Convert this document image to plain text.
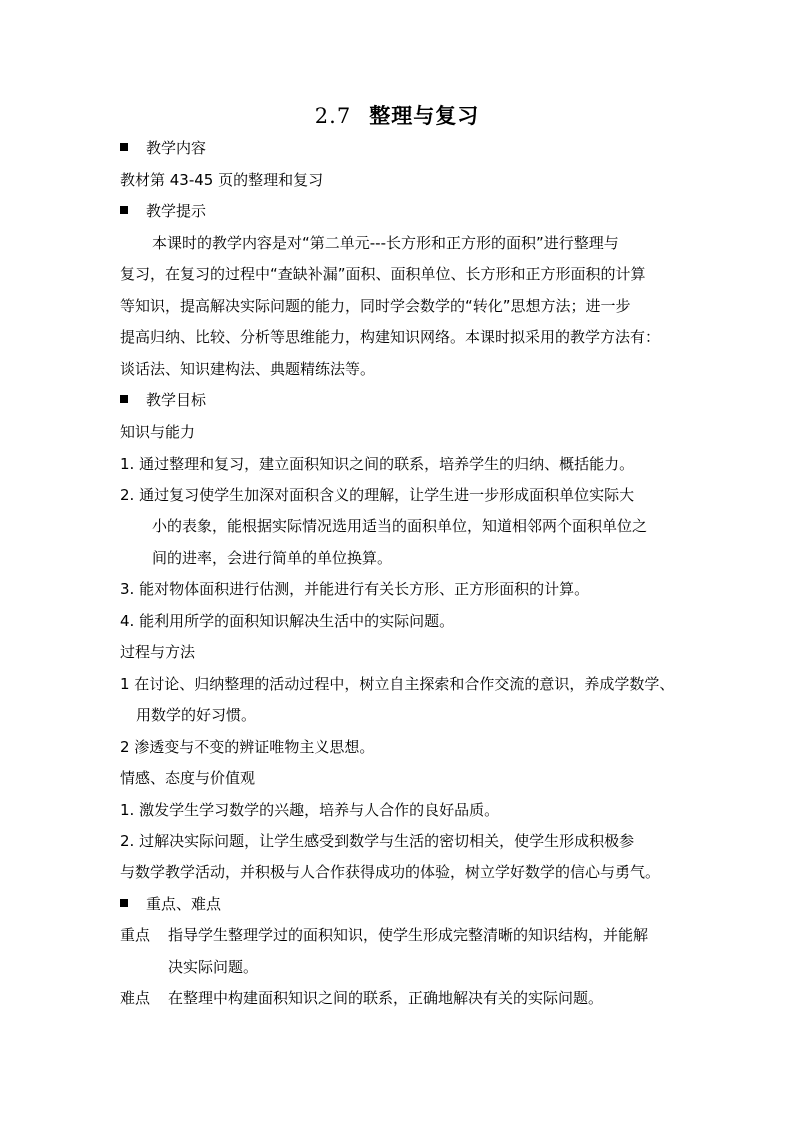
2.7 整理与复习
教学内容
教材第 43-45 页的整理和复习
教学提示
本课时的教学内容是对“第二单元---长方形和正方形的面积”进行整理与
复习，在复习的过程中“查缺补漏”面积、面积单位、长方形和正方形面积的计算
等知识，提高解决实际问题的能力，同时学会数学的“转化”思想方法；进一步
提高归纳、比较、分析等思维能力，构建知识网络。本课时拟采用的教学方法有：
谈话法、知识建构法、典题精练法等。
教学目标
知识与能力
1. 通过整理和复习，建立面积知识之间的联系，培养学生的归纳、概括能力。
2. 通过复习使学生加深对面积含义的理解，让学生进一步形成面积单位实际大
小的表象，能根据实际情况选用适当的面积单位，知道相邻两个面积单位之
间的进率，会进行简单的单位换算。
3. 能对物体面积进行估测，并能进行有关长方形、正方形面积的计算。
4. 能利用所学的面积知识解决生活中的实际问题。
过程与方法
1 在讨论、归纳整理的活动过程中，树立自主探索和合作交流的意识，养成学数学、
用数学的好习惯。
2 渗透变与不变的辨证唯物主义思想。
情感、态度与价值观
1. 激发学生学习数学的兴趣，培养与人合作的良好品质。
2. 过解决实际问题，让学生感受到数学与生活的密切相关，使学生形成积极参
与数学教学活动，并积极与人合作获得成功的体验，树立学好数学的信心与勇气。
重点、难点
重点 指导学生整理学过的面积知识，使学生形成完整清晰的知识结构，并能解
决实际问题。
难点 在整理中构建面积知识之间的联系，正确地解决有关的实际问题。
